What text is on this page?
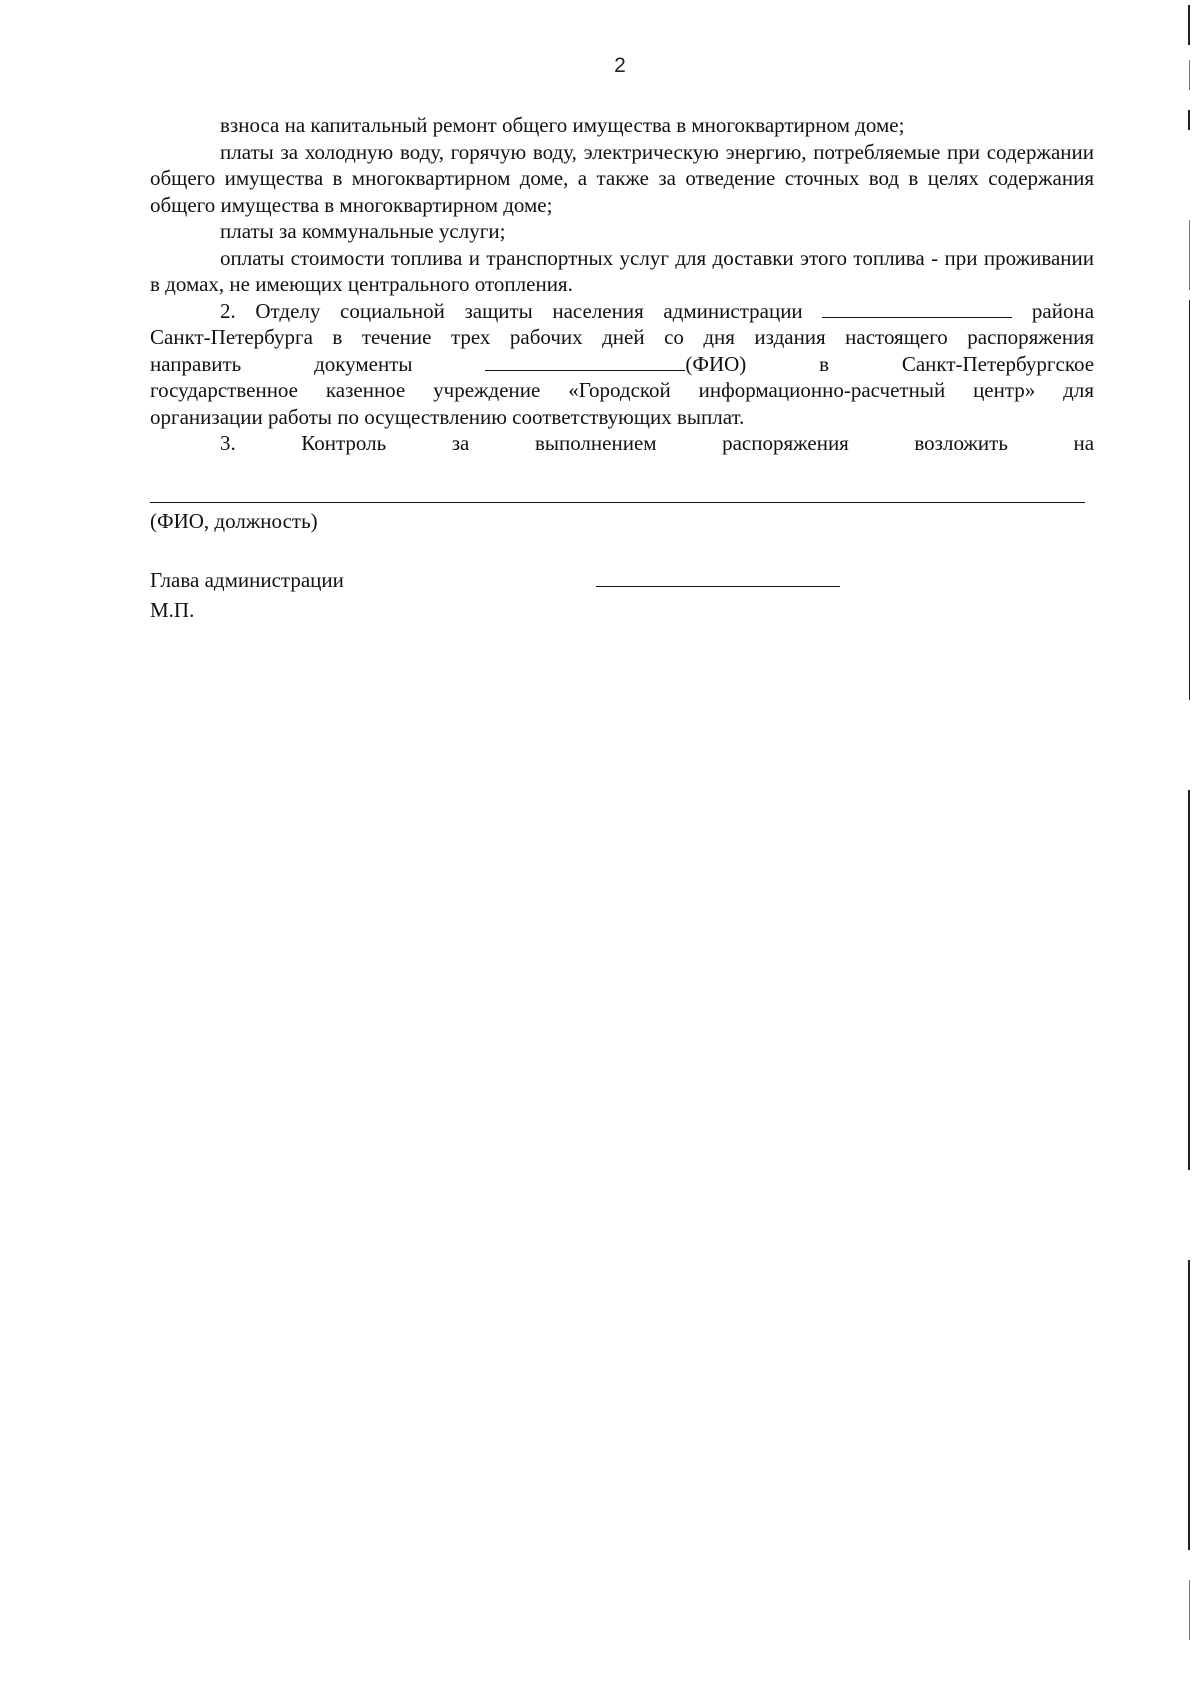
2

взноса на капитальный ремонт общего имущества в многоквартирном доме;

платы за холодную воду, горячую воду, электрическую энергию, потребляемые при содержании общего имущества в многоквартирном доме, а также за отведение сточных вод в целях содержания общего имущества в многоквартирном доме;

платы за коммунальные услуги;

оплаты стоимости топлива и транспортных услуг для доставки этого топлива - при проживании в домах, не имеющих центрального отопления.

2. Отделу социальной защиты населения администрации	района

Санкт-Петербурга в течение трех рабочих дней со дня издания настоящего распоряжения

направить	документы	(ФИО)	в	Санкт-Петербургское

государственное казенное учреждение «Городской информационно-расчетный центр» для

организации работы по осуществлению соответствующих выплат.

3.	Контроль	за	выполнением	распоряжения	возложить	на

(ФИО, должность)
Глава администрации
М.П.
